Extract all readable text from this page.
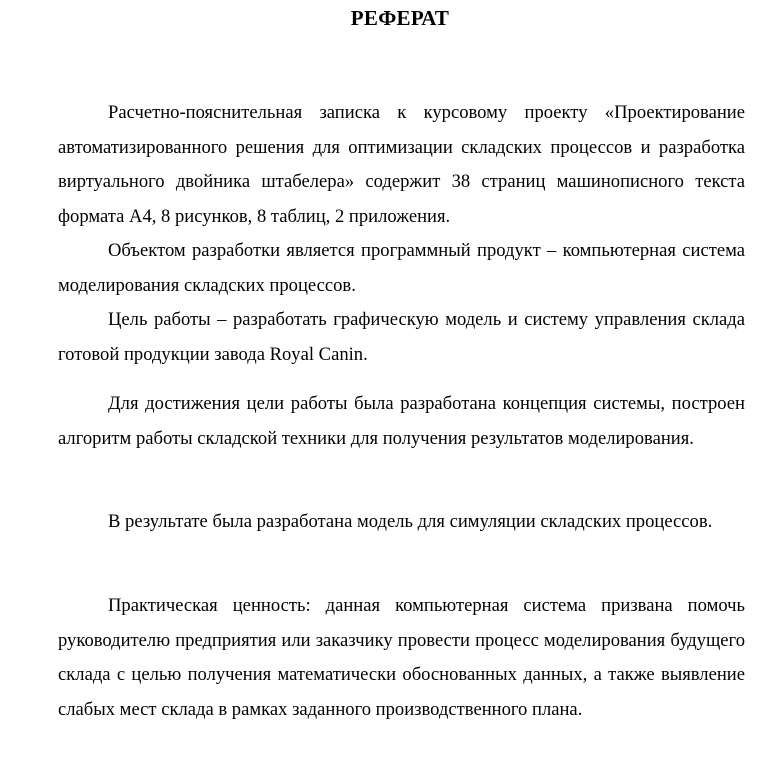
РЕФЕРАТ

Расчетно-пояснительная записка к курсовому проекту «Проектирование автоматизированного решения для оптимизации складских процессов и разработка виртуального двойника штабелера» содержит 38 страниц машинописного текста формата А4, 8 рисунков, 8 таблиц, 2 приложения.

Объектом разработки является программный продукт – компьютерная система моделирования складских процессов.

Цель работы – разработать графическую модель и систему управления склада готовой продукции завода Royal Canin.

Для достижения цели работы была разработана концепция системы, построен алгоритм работы складской техники для получения результатов моделирования.

В результате была разработана модель для симуляции складских процессов.

Практическая ценность: данная компьютерная система призвана помочь руководителю предприятия или заказчику провести процесс моделирования будущего склада с целью получения математически обоснованных данных, а также выявление слабых мест склада в рамках заданного производственного плана.
